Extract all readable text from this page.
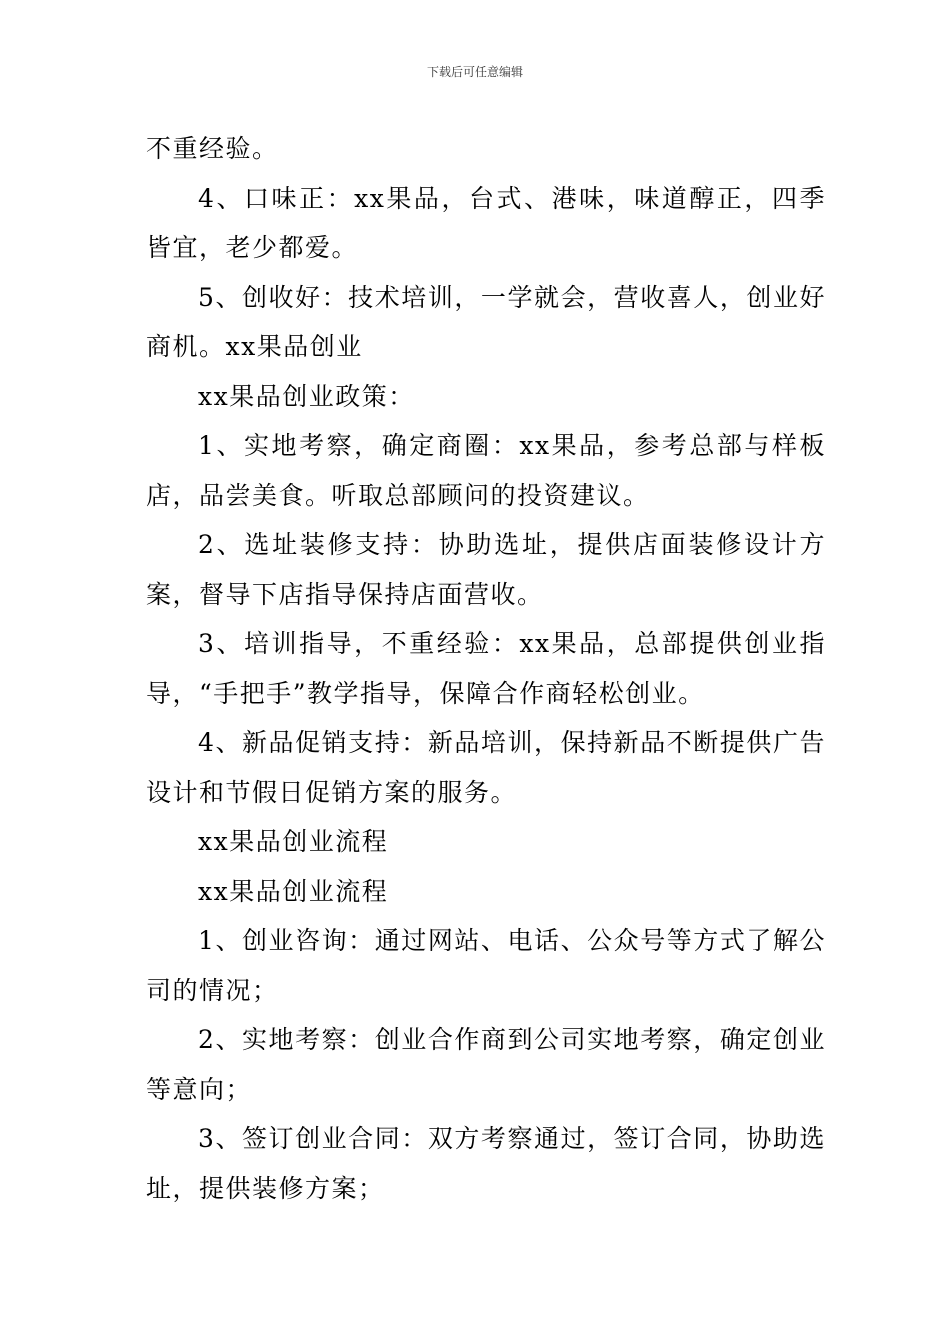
下载后可任意编辑

不重经验。

4、口味正：xx果品，台式、港味，味道醇正，四季皆宜，老少都爱。

5、创收好：技术培训，一学就会，营收喜人，创业好商机。xx果品创业

xx果品创业政策：

1、实地考察，确定商圈：xx果品，参考总部与样板店，品尝美食。听取总部顾问的投资建议。

2、选址装修支持：协助选址，提供店面装修设计方案，督导下店指导保持店面营收。

3、培训指导，不重经验：xx果品，总部提供创业指导，“手把手”教学指导，保障合作商轻松创业。

4、新品促销支持：新品培训，保持新品不断提供广告设计和节假日促销方案的服务。

xx果品创业流程

xx果品创业流程

1、创业咨询：通过网站、电话、公众号等方式了解公司的情况；

2、实地考察：创业合作商到公司实地考察，确定创业等意向；

3、签订创业合同：双方考察通过，签订合同，协助选址，提供装修方案；
